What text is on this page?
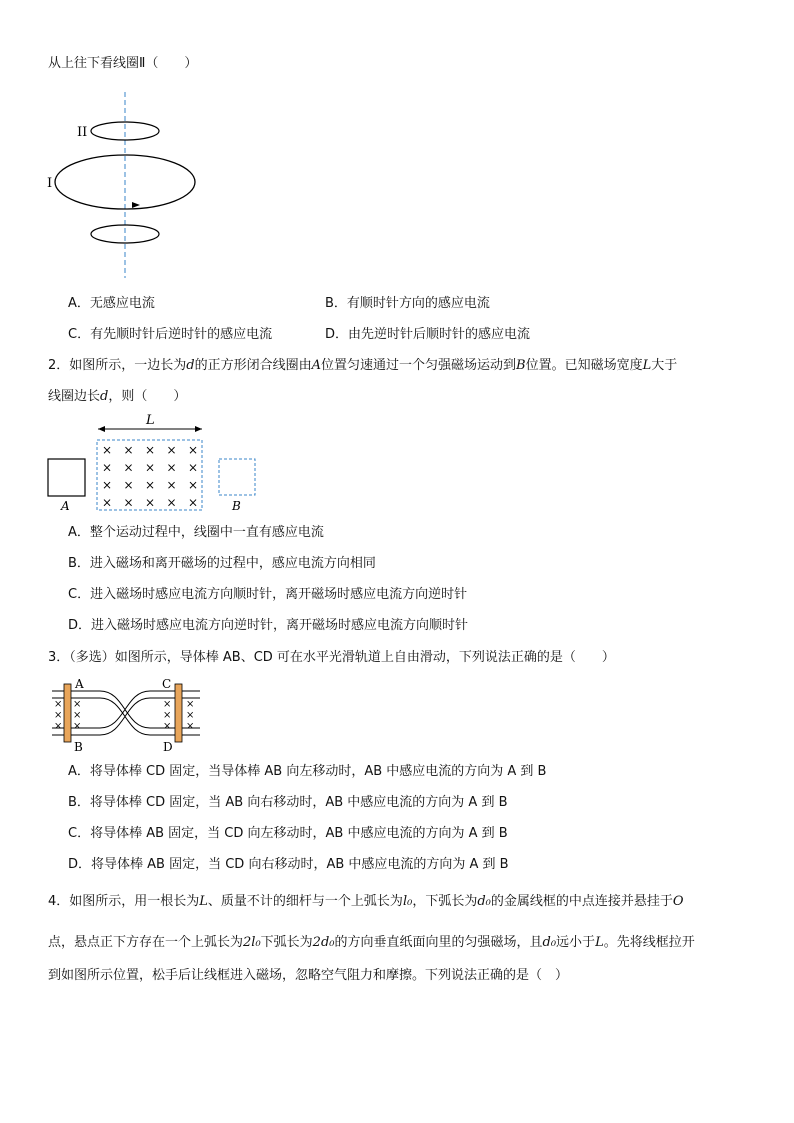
从上往下看线圈Ⅱ（　　）
II
I
A．无感应电流	B．有顺时针方向的感应电流
C．有先顺时针后逆时针的感应电流	D．由先逆时针后顺时针的感应电流
2．如图所示，一边长为d的正方形闭合线圈由A位置匀速通过一个匀强磁场运动到B位置。已知磁场宽度L大于
线圈边长d，则（　　）
L
A
× × × × ×
× × × × ×
× × × × ×
× × × × ×	B
A．整个运动过程中，线圈中一直有感应电流
B．进入磁场和离开磁场的过程中，感应电流方向相同
C．进入磁场时感应电流方向顺时针，离开磁场时感应电流方向逆时针
D．进入磁场时感应电流方向逆时针，离开磁场时感应电流方向顺时针
3．（多选）如图所示，导体棒 AB、CD 可在水平光滑轨道上自由滑动，下列说法正确的是（　　）
×
×
×
×
×
×
×
×
×
×
×
×
A
B
C
D
A．将导体棒 CD 固定，当导体棒 AB 向左移动时，AB 中感应电流的方向为 A 到 B
B．将导体棒 CD 固定，当 AB 向右移动时，AB 中感应电流的方向为 A 到 B
C．将导体棒 AB 固定，当 CD 向左移动时，AB 中感应电流的方向为 A 到 B
D．将导体棒 AB 固定，当 CD 向右移动时，AB 中感应电流的方向为 A 到 B
4．如图所示，用一根长为L、质量不计的细杆与一个上弧长为l₀，下弧长为d₀的金属线框的中点连接并悬挂于O
点，悬点正下方存在一个上弧长为2l₀下弧长为2d₀的方向垂直纸面向里的匀强磁场，且d₀远小于L。先将线框拉开
到如图所示位置，松手后让线框进入磁场，忽略空气阻力和摩擦。下列说法正确的是（　）
